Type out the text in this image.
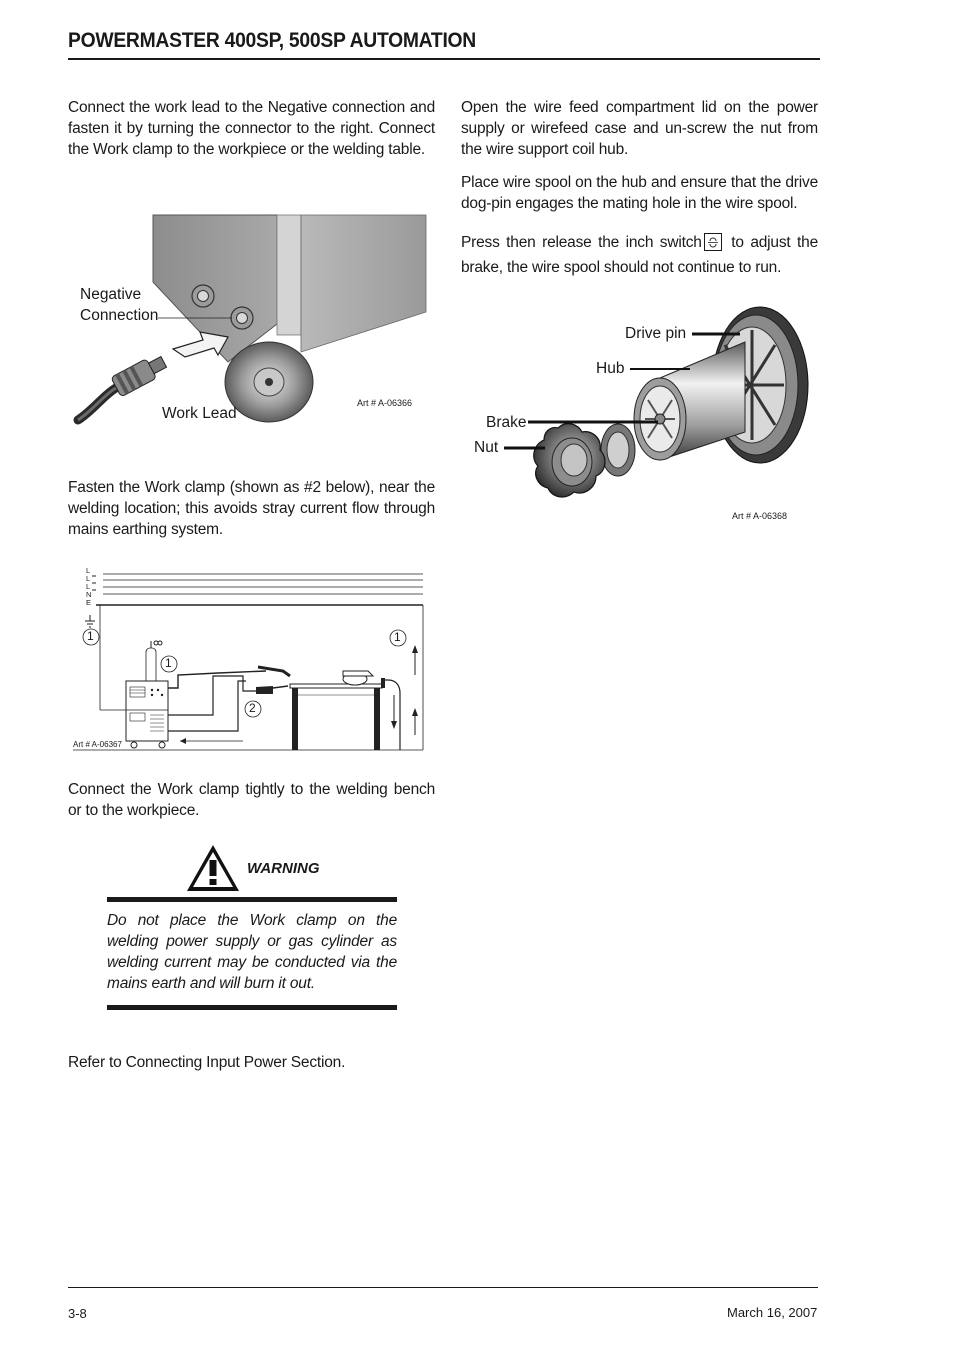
POWERMASTER 400SP, 500SP AUTOMATION
Connect the work lead to the Negative connection and fasten it by turning the connector to the right. Connect the Work clamp to the workpiece or the welding table.
Negative
Connection
Work Lead
Art # A-06366
Fasten the Work clamp (shown as #2 below), near the welding location; this avoids stray current flow through mains earthing system.
L
L
L
N
E
1
1
1
2
Art # A-06367
Connect the Work clamp tightly to the welding bench or to the workpiece.
WARNING
Do not place the Work clamp on the welding power supply or gas cylinder as welding current may be conducted via the mains earth and will burn it out.
Refer to Connecting Input Power Section.
Open the wire feed compartment lid on the power supply or wirefeed case and un-screw the nut from the wire support coil hub.
Place wire spool on the hub and ensure that the drive dog-pin engages the mating hole in the wire spool.
Press then release the inch switch
to adjust the brake, the wire spool should not continue to run.
Drive pin
Hub
Brake
Nut
Art # A-06368
3-8	March 16, 2007
